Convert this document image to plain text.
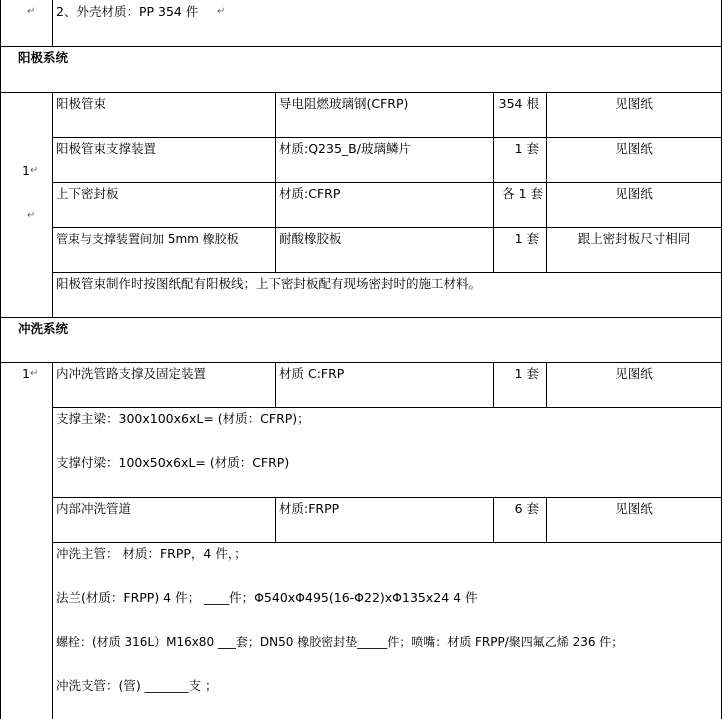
↵ 2、外壳材质：PP 354 件 ↵
阳极系统
1 ↵
↵
阳极管束	导电阻燃玻璃钢(CFRP)	354 根	见图纸
阳极管束支撑装置	材质:Q235_B/玻璃鳞片	1 套	见图纸
上下密封板	材质:CFRP	各 1 套	见图纸
管束与支撑装置间加 5mm 橡胶板	耐酸橡胶板	1 套	跟上密封板尺寸相同
阳极管束制作时按图纸配有阳极线；上下密封板配有现场密封时的施工材料。
冲洗系统
1 ↵ 内冲洗管路支撑及固定装置	材质 C:FRP	1 套	见图纸
支撑主梁：300x100x6xL= (材质：CFRP)；
支撑付梁：100x50x6xL= (材质：CFRP)
内部冲洗管道	材质:FRPP	6 套	见图纸
冲洗主管： 材质：FRPP，4 件，；
法兰(材质：FRPP) 4 件； ____件；Φ540xΦ495(16-Φ22)xΦ135x24 4 件
螺栓：(材质 316L）M16x80 ___套；DN50 橡胶密封垫_____件；喷嘴：材质 FRPP/聚四氟乙烯 236 件；
冲洗支管：(管) _______支 ；
